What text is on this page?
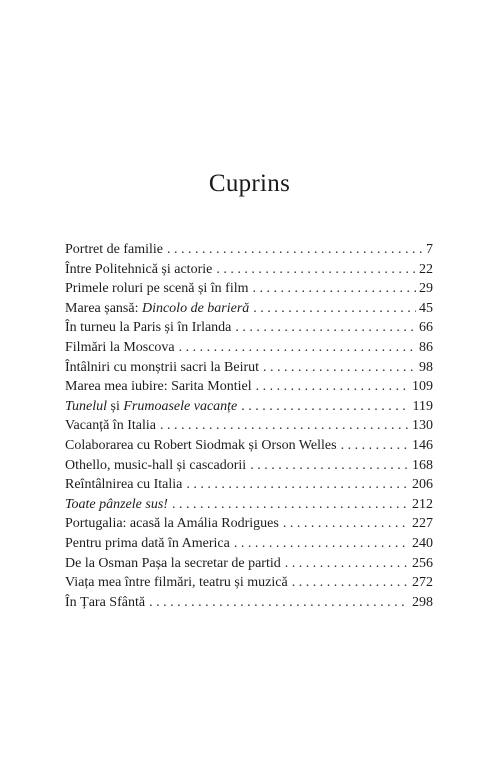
Cuprins
Portret de familie . . .	7
Între Politehnică și actorie . . .	22
Primele roluri pe scenă și în film . . .	29
Marea șansă: Dincolo de barieră . . .	45
În turneu la Paris și în Irlanda . . .	66
Filmări la Moscova . . .	86
Întâlniri cu monștrii sacri la Beirut . . .	98
Marea mea iubire: Sarita Montiel . . .	109
Tunelul și Frumoasele vacanțe . . .	119
Vacanță în Italia . . .	130
Colaborarea cu Robert Siodmak și Orson Welles . . .	146
Othello, music-hall și cascadorii . . .	168
Reîntâlnirea cu Italia . . .	206
Toate pânzele sus! . . .	212
Portugalia: acasă la Amália Rodrigues . . .	227
Pentru prima dată în America . . .	240
De la Osman Pașa la secretar de partid . . .	256
Viața mea între filmări, teatru și muzică . . .	272
În Țara Sfântă . . .	298
